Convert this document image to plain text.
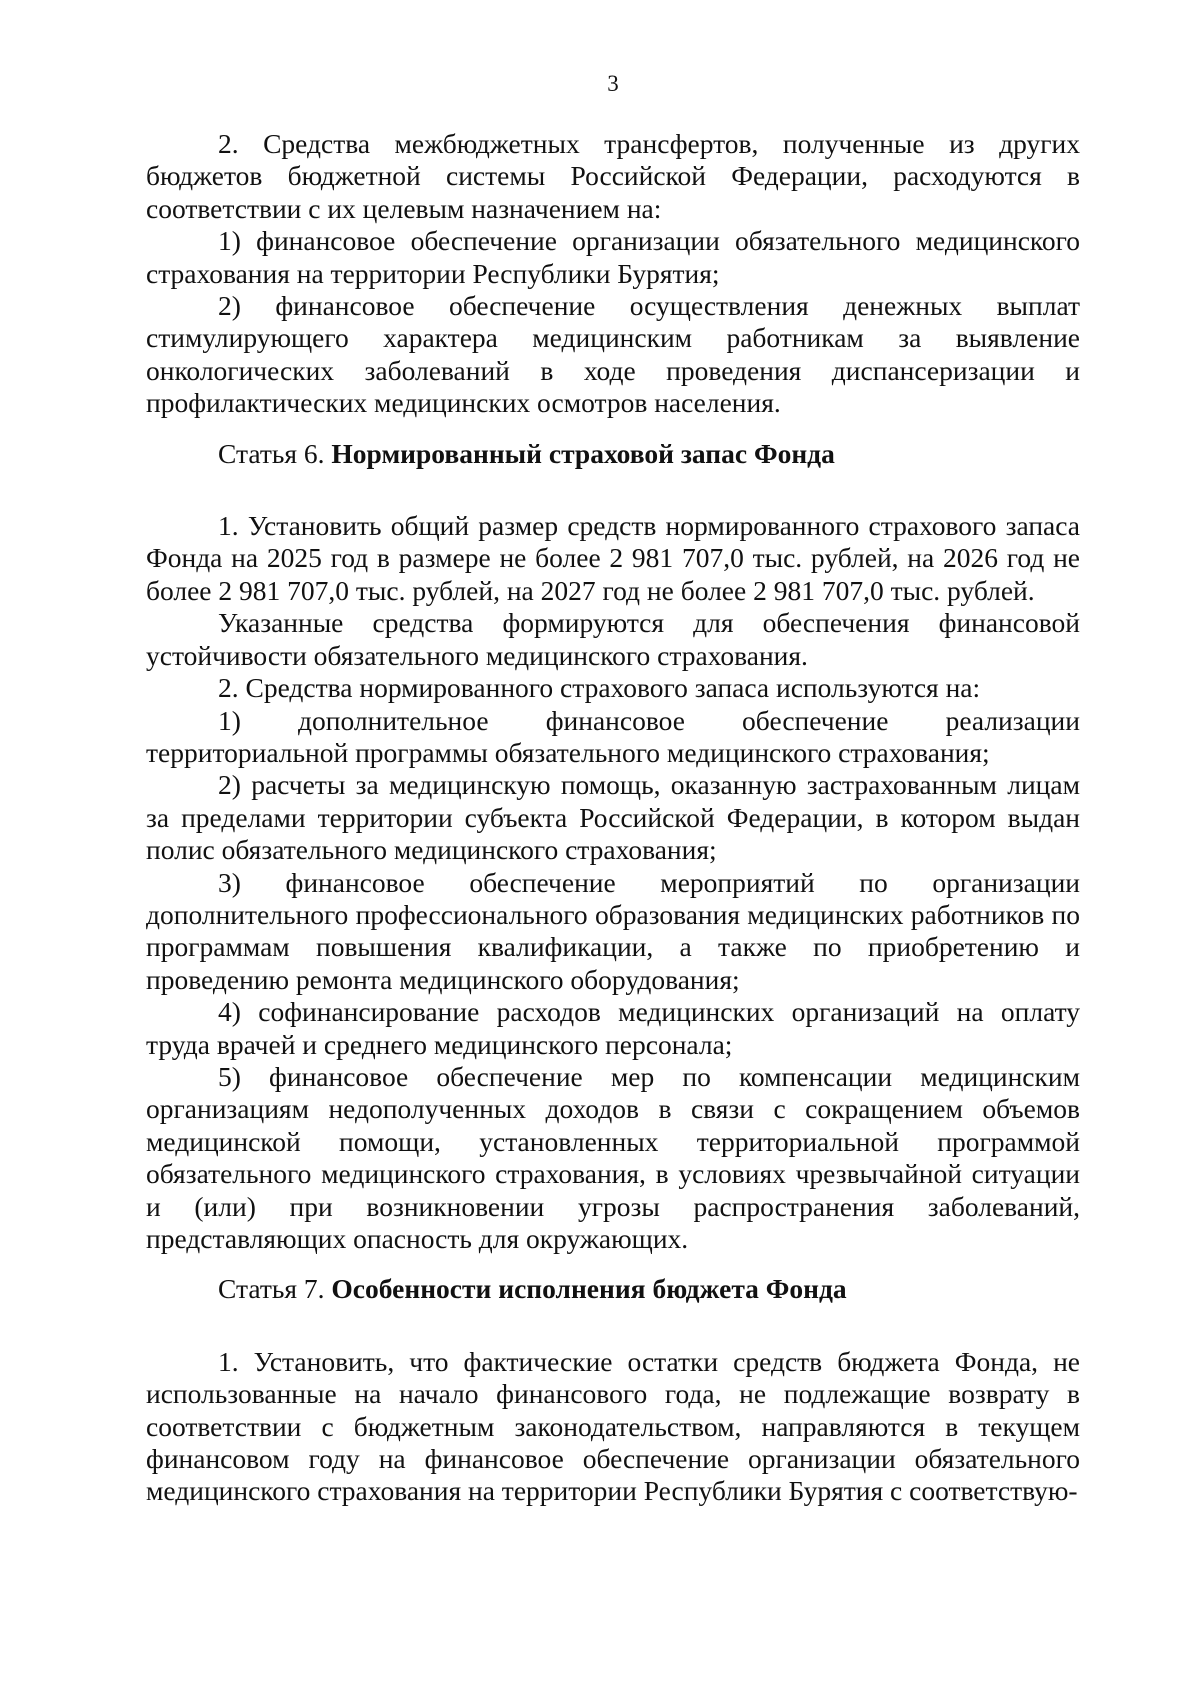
3

2. Средства межбюджетных трансфертов, полученные из других бюджетов бюджетной системы Российской Федерации, расходуются в соответствии с их целевым назначением на:

1) финансовое обеспечение организации обязательного медицинского страхования на территории Республики Бурятия;

2) финансовое обеспечение осуществления денежных выплат стимулирующего характера медицинским работникам за выявление онкологических заболеваний в ходе проведения диспансеризации и профилактических медицинских осмотров населения.

Статья 6. Нормированный страховой запас Фонда

1. Установить общий размер средств нормированного страхового запаса Фонда на 2025 год в размере не более 2 981 707,0 тыс. рублей, на 2026 год не более 2 981 707,0 тыс. рублей, на 2027 год не более 2 981 707,0 тыс. рублей.

Указанные средства формируются для обеспечения финансовой устойчивости обязательного медицинского страхования.

2. Средства нормированного страхового запаса используются на:

1) дополнительное финансовое обеспечение реализации территориальной программы обязательного медицинского страхования;

2) расчеты за медицинскую помощь, оказанную застрахованным лицам за пределами территории субъекта Российской Федерации, в котором выдан полис обязательного медицинского страхования;

3) финансовое обеспечение мероприятий по организации дополнительного профессионального образования медицинских работников по программам повышения квалификации, а также по приобретению и проведению ремонта медицинского оборудования;

4) софинансирование расходов медицинских организаций на оплату труда врачей и среднего медицинского персонала;

5) финансовое обеспечение мер по компенсации медицинским организациям недополученных доходов в связи с сокращением объемов медицинской помощи, установленных территориальной программой обязательного медицинского страхования, в условиях чрезвычайной ситуации и (или) при возникновении угрозы распространения заболеваний, представляющих опасность для окружающих.

Статья 7. Особенности исполнения бюджета Фонда

1. Установить, что фактические остатки средств бюджета Фонда, не использованные на начало финансового года, не подлежащие возврату в соответствии с бюджетным законодательством, направляются в текущем финансовом году на финансовое обеспечение организации обязательного медицинского страхования на территории Республики Бурятия с соответствую-
